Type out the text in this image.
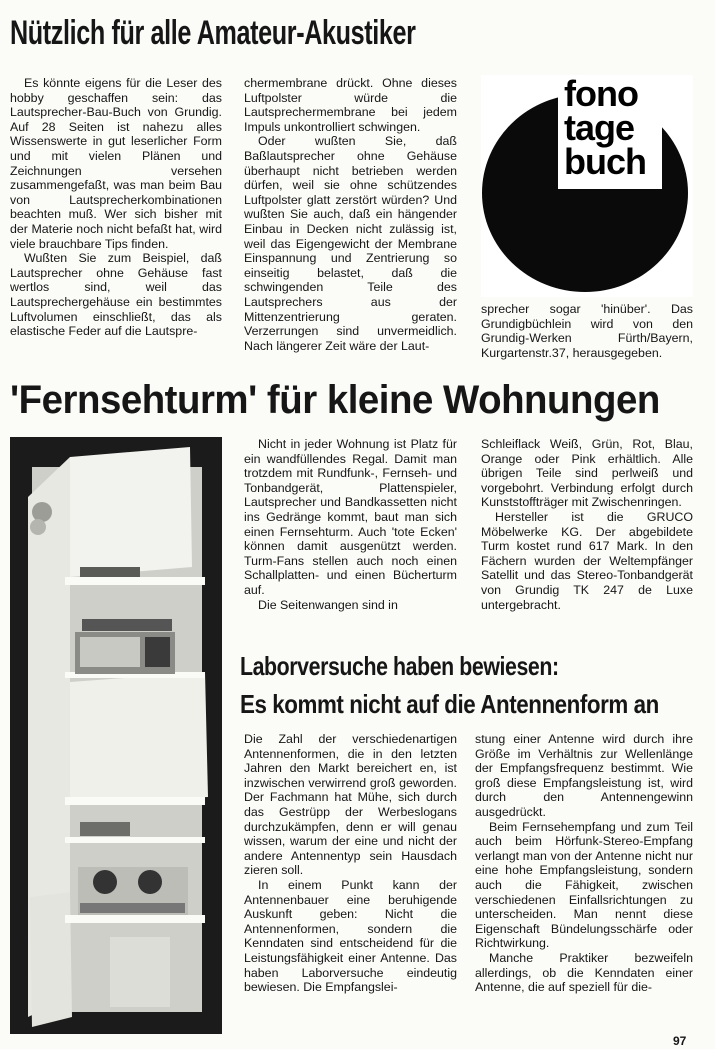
Nützlich für alle Amateur-Akustiker

Es könnte eigens für die Leser des hobby geschaffen sein: das Lautsprecher-Bau-Buch von Grundig. Auf 28 Seiten ist nahezu alles Wissenswerte in gut leserlicher Form und mit vielen Plänen und Zeichnungen versehen zusammengefaßt, was man beim Bau von Lautsprecherkombinationen beachten muß. Wer sich bisher mit der Materie noch nicht befaßt hat, wird viele brauchbare Tips finden.

Wußten Sie zum Beispiel, daß Lautsprecher ohne Gehäuse fast wertlos sind, weil das Lautsprechergehäuse ein bestimmtes Luftvolumen einschließt, das als elastische Feder auf die Lautspre-

chermembrane drückt. Ohne dieses Luftpolster würde die Lautsprechermembrane bei jedem Impuls unkontrolliert schwingen.

Oder wußten Sie, daß Baßlautsprecher ohne Gehäuse überhaupt nicht betrieben werden dürfen, weil sie ohne schützendes Luftpolster glatt zerstört würden? Und wußten Sie auch, daß ein hängender Einbau in Decken nicht zulässig ist, weil das Eigengewicht der Membrane Einspannung und Zentrierung so einseitig belastet, daß die schwingenden Teile des Lautsprechers aus der Mittenzentrierung geraten. Verzerrungen sind unvermeidlich. Nach längerer Zeit wäre der Laut-

fono
tage
buch

sprecher sogar 'hinüber'. Das Grundigbüchlein wird von den Grundig-Werken Fürth/Bayern, Kurgartenstr.37, herausgegeben.

'Fernsehturm' für kleine Wohnungen

Nicht in jeder Wohnung ist Platz für ein wandfüllendes Regal. Damit man trotzdem mit Rundfunk-, Fernseh- und Tonbandgerät, Plattenspieler, Lautsprecher und Bandkassetten nicht ins Gedränge kommt, baut man sich einen Fernsehturm. Auch 'tote Ecken' können damit ausgenützt werden. Turm-Fans stellen auch noch einen Schallplatten- und einen Bücherturm auf.

Die Seitenwangen sind in

Schleiflack Weiß, Grün, Rot, Blau, Orange oder Pink erhältlich. Alle übrigen Teile sind perlweiß und vorgebohrt. Verbindung erfolgt durch Kunststoffträger mit Zwischenringen.

Hersteller ist die GRUCO Möbelwerke KG. Der abgebildete Turm kostet rund 617 Mark. In den Fächern wurden der Weltempfänger Satellit und das Stereo-Tonbandgerät von Grundig TK 247 de Luxe untergebracht.

Laborversuche haben bewiesen:
Es kommt nicht auf die Antennenform an

Die Zahl der verschiedenartigen Antennenformen, die in den letzten Jahren den Markt bereichert en, ist inzwischen verwirrend groß geworden. Der Fachmann hat Mühe, sich durch das Gestrüpp der Werbeslogans durchzukämpfen, denn er will genau wissen, warum der eine und nicht der andere Antennentyp sein Hausdach zieren soll.

In einem Punkt kann der Antennenbauer eine beruhigende Auskunft geben: Nicht die Antennenformen, sondern die Kenndaten sind entscheidend für die Leistungsfähigkeit einer Antenne. Das haben Laborversuche eindeutig bewiesen. Die Empfangslei-

stung einer Antenne wird durch ihre Größe im Verhältnis zur Wellenlänge der Empfangsfrequenz bestimmt. Wie groß diese Empfangsleistung ist, wird durch den Antennengewinn ausgedrückt.

Beim Fernsehempfang und zum Teil auch beim Hörfunk-Stereo-Empfang verlangt man von der Antenne nicht nur eine hohe Empfangsleistung, sondern auch die Fähigkeit, zwischen verschiedenen Einfallsrichtungen zu unterscheiden. Man nennt diese Eigenschaft Bündelungsschärfe oder Richtwirkung.

Manche Praktiker bezweifeln allerdings, ob die Kenndaten einer Antenne, die auf speziell für die-

97
